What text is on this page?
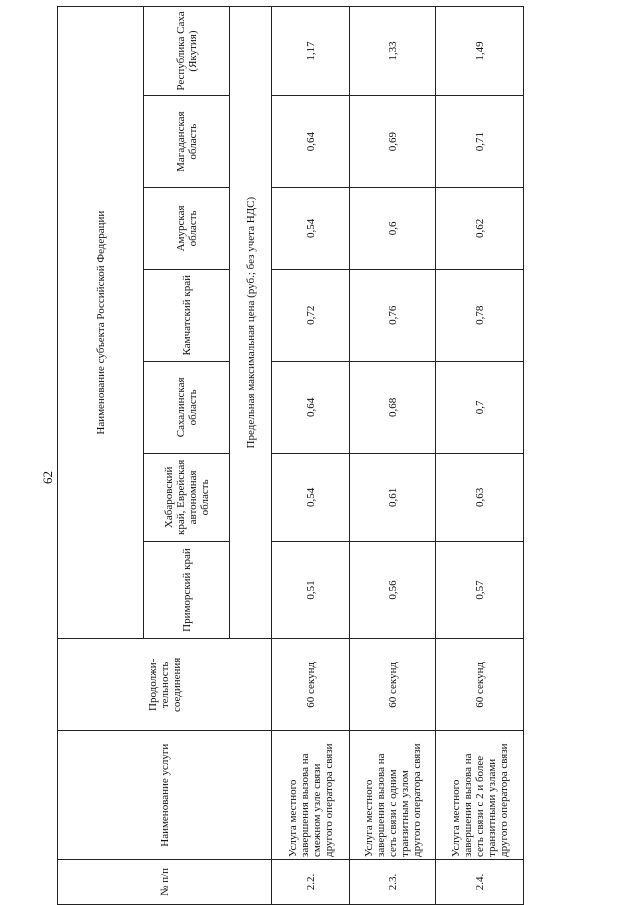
62
№ п/п	Наименование услуги	Продолжи-тельность соединения	Наименование субъекта Российской Федерации						
			Приморский край	Хабаровский край, Еврейская автономная область	Сахалинская область	Камчатский край	Амурская область	Магаданская область	Республика Саха (Якутия)
			Предельная максимальная цена (руб.; без учета НДС)						
2.2.	Услуга местного завершения вызова на смежном узле связи другого оператора связи	60 секунд	0,51	0,54	0,64	0,72	0,54	0,64	1,17
2.3.	Услуга местного завершения вызова на сеть связи с одним транзитным узлом другого оператора связи	60 секунд	0,56	0,61	0,68	0,76	0,6	0,69	1,33
2.4.	Услуга местного завершения вызова на сеть связи с 2 и более транзитными узлами другого оператора связи	60 секунд	0,57	0,63	0,7	0,78	0,62	0,71	1,49
